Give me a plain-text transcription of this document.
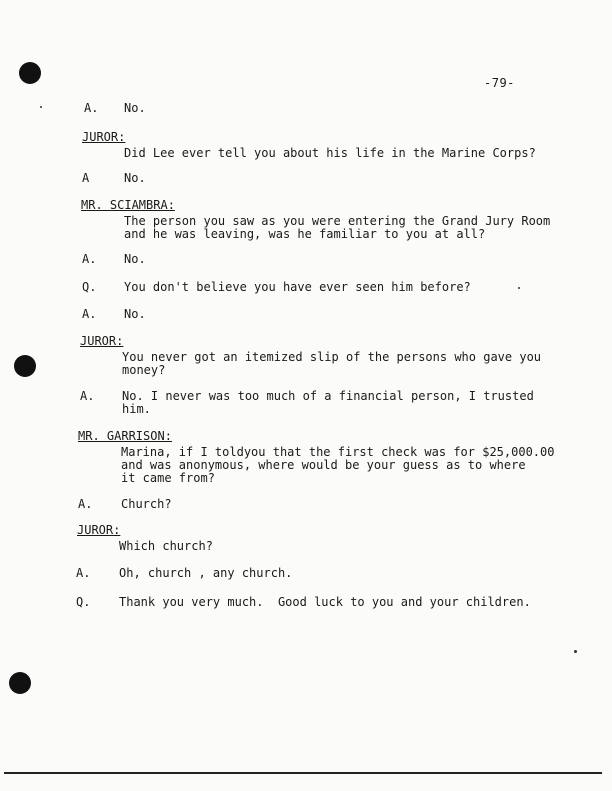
-79-
A. No.
JUROR:
Did Lee ever tell you about his life in the Marine Corps?
A	No.
MR. SCIAMBRA:
The person you saw as you were entering the Grand Jury Room
and he was leaving, was he familiar to you at all?
A. No.
Q. You don't believe you have ever seen him before?
A. No.
JUROR:
You never got an itemized slip of the persons who gave you
money?
A. No. I never was too much of a financial person, I trusted
him.
MR. GARRISON:
Marina, if I toldyou that the first check was for $25,000.00
and was anonymous, where would be your guess as to where
it came from?
A. Church?
JUROR:
Which church?
A. Oh, church , any church.
Q. Thank you very much.  Good luck to you and your children.
